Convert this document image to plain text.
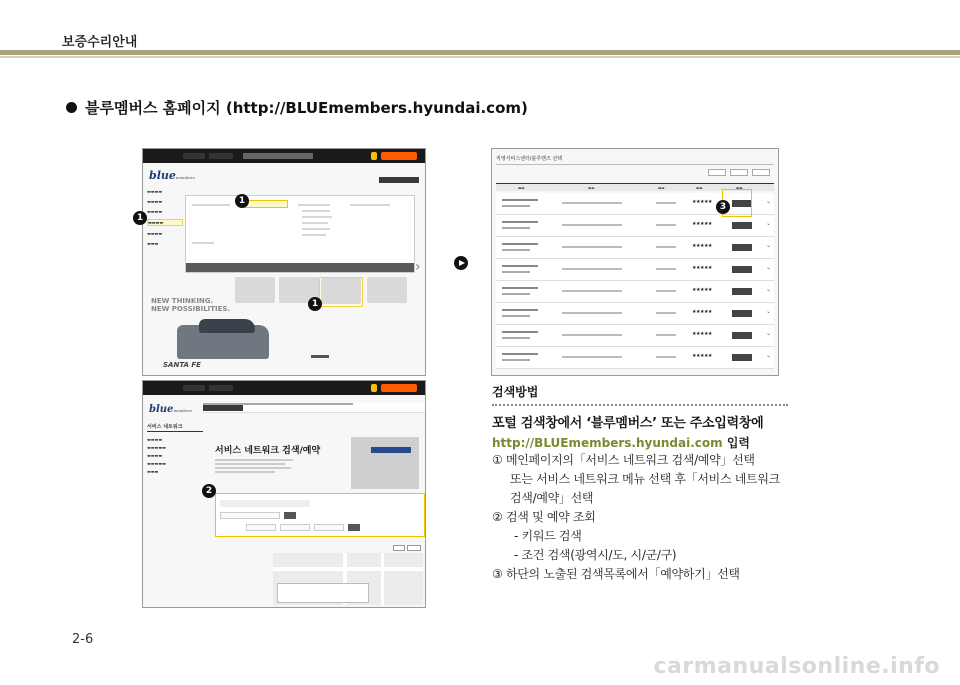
보증수리안내
블루멤버스 홈페이지 (http://BLUEmembers.hyundai.com)
bluemembers
▬▬▬▬
▬▬▬▬
▬▬▬▬
▬▬▬▬
▬▬▬▬
▬▬▬
NEW THINKING.
NEW POSSIBILITIES.
SANTA FE
›
1
1
1
bluemembers
서비스 네트워크
▬▬▬▬
▬▬▬▬▬
▬▬▬▬
▬▬▬▬▬
▬▬▬
서비스 네트워크 검색/예약
2
직영서비스센터/블루핸즈 선택
▬▬	▬▬	▬▬	▬▬	▬▬
★★★★★	⌄
★★★★★	⌄
★★★★★	⌄
★★★★★	⌄
★★★★★	⌄
★★★★★	⌄
★★★★★	⌄
★★★★★	⌄
3
검색방법
포털 검색창에서 ‘블루멤버스’ 또는 주소입력창에
http://BLUEmembers.hyundai.com 입력
① 메인페이지의「서비스 네트워크 검색/예약」선택
또는 서비스 네트워크 메뉴 선택 후「서비스 네트워크
검색/예약」선택
② 검색 및 예약 조회
- 키워드 검색
- 조건 검색(광역시/도, 시/군/구)
③ 하단의 노출된 검색목록에서「예약하기」선택
2-6
carmanualsonline.info
